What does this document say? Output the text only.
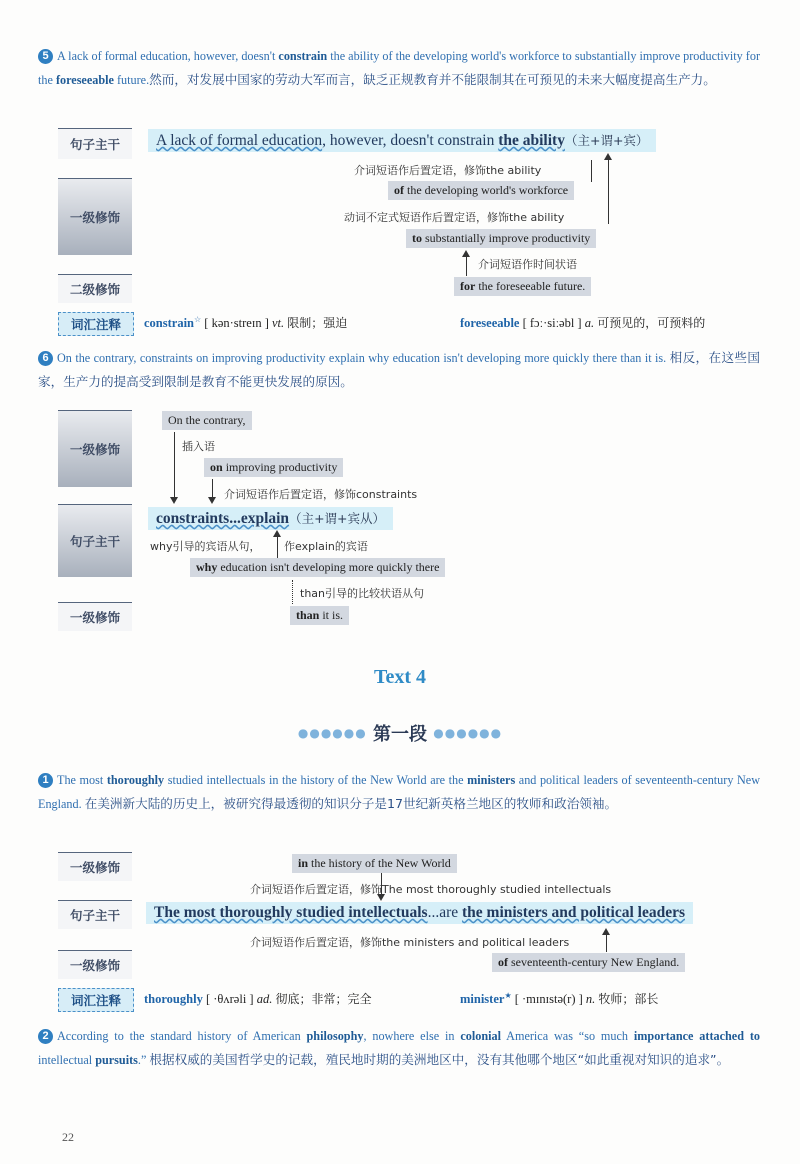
5 A lack of formal education, however, doesn't constrain the ability of the developing world's workforce to substantially improve productivity for the foreseeable future.然而，对发展中国家的劳动大军而言，缺乏正规教育并不能限制其在可预见的未来大幅度提高生产力。
句子主干
一级修饰
二级修饰
A lack of formal education, however, doesn't constrain the ability（主+谓+宾）
介词短语作后置定语，修饰the ability
of the developing world's workforce
动词不定式短语作后置定语，修饰the ability
to substantially improve productivity
介词短语作时间状语
for the foreseeable future.
词汇注释	constrain☆ [ kən·streɪn ] vt. 限制；强迫	foreseeable [ fɔː·siːəbl ] a. 可预见的，可预料的
6 On the contrary, constraints on improving productivity explain why education isn't developing more quickly there than it is. 相反，在这些国家，生产力的提高受到限制是教育不能更快发展的原因。
一级修饰
句子主干
一级修饰
On the contrary,
插入语
on improving productivity
介词短语作后置定语，修饰constraints
constraints...explain（主+谓+宾从）
why引导的宾语从句， 作explain的宾语
why education isn't developing more quickly there
than引导的比较状语从句
than it is.
Text 4
●●●●●● 第一段 ●●●●●●
1 The most thoroughly studied intellectuals in the history of the New World are the ministers and political leaders of seventeenth-century New England. 在美洲新大陆的历史上，被研究得最透彻的知识分子是17世纪新英格兰地区的牧师和政治领袖。
一级修饰
句子主干
一级修饰
in the history of the New World
介词短语作后置定语，修饰The most thoroughly studied intellectuals
The most thoroughly studied intellectuals...are the ministers and political leaders
介词短语作后置定语，修饰the ministers and political leaders
of seventeenth-century New England.
词汇注释	thoroughly [ ·θʌrəli ] ad. 彻底；非常；完全	minister★ [ ·mɪnɪstə(r) ] n. 牧师；部长
2 According to the standard history of American philosophy, nowhere else in colonial America was “so much importance attached to intellectual pursuits.” 根据权威的美国哲学史的记载，殖民地时期的美洲地区中，没有其他哪个地区“如此重视对知识的追求”。
22
